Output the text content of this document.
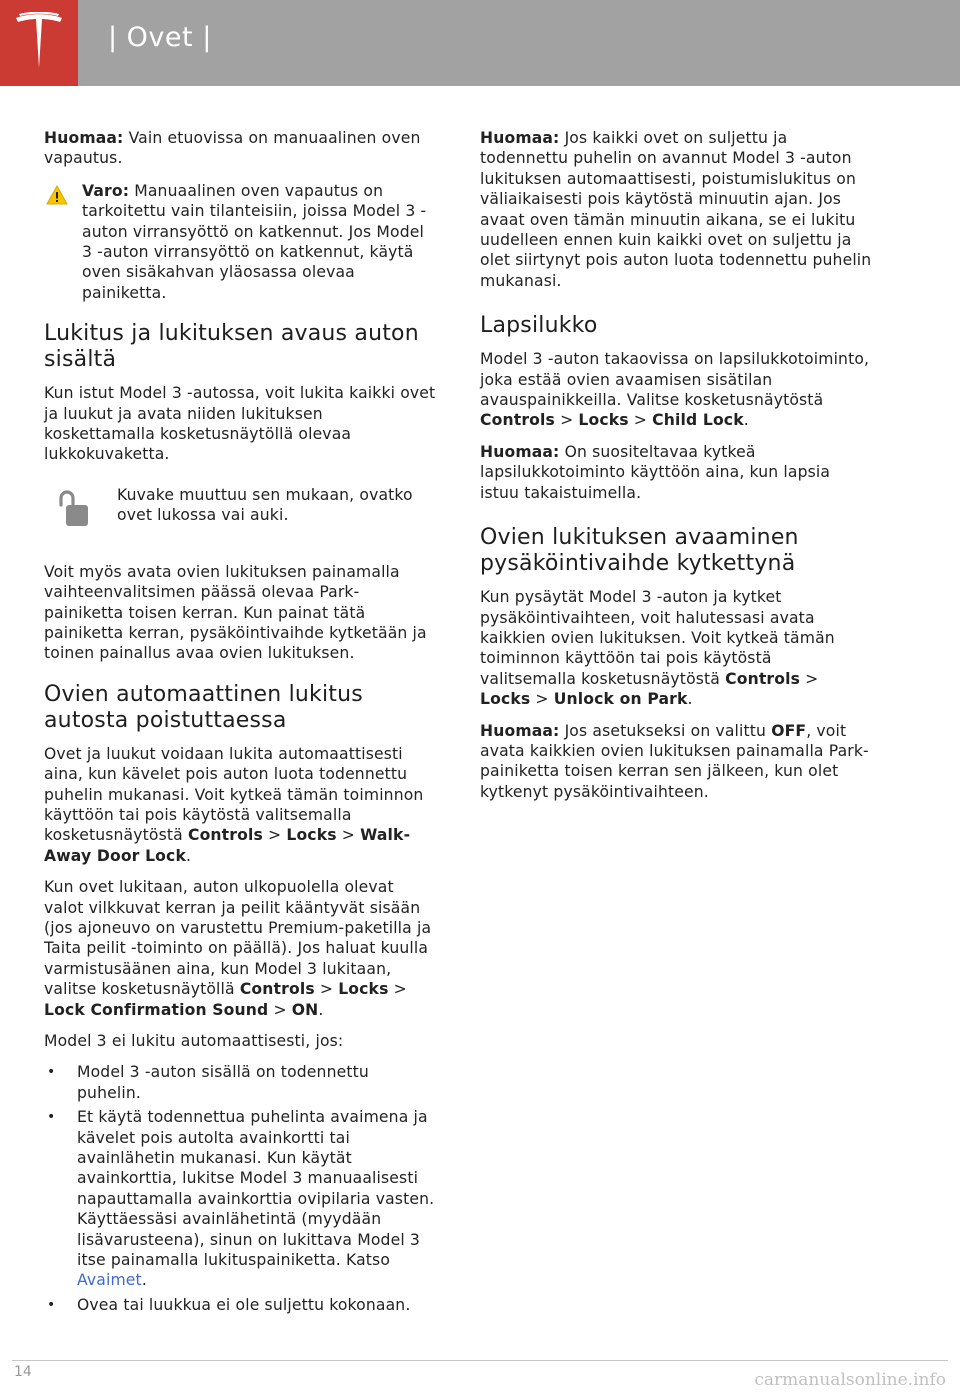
| Ovet |

Huomaa: Vain etuovissa on manuaalinen oven vapautus.

Varo: Manuaalinen oven vapautus on tarkoitettu vain tilanteisiin, joissa Model 3 -auton virransyöttö on katkennut. Jos Model 3 -auton virransyöttö on katkennut, käytä oven sisäkahvan yläosassa olevaa painiketta.

Lukitus ja lukituksen avaus auton sisältä

Kun istut Model 3 -autossa, voit lukita kaikki ovet ja luukut ja avata niiden lukituksen koskettamalla kosketusnäytöllä olevaa lukkokuvaketta.

Kuvake muuttuu sen mukaan, ovatko ovet lukossa vai auki.

Voit myös avata ovien lukituksen painamalla vaihteenvalitsimen päässä olevaa Park-painiketta toisen kerran. Kun painat tätä painiketta kerran, pysäköintivaihde kytketään ja toinen painallus avaa ovien lukituksen.

Ovien automaattinen lukitus autosta poistuttaessa

Ovet ja luukut voidaan lukita automaattisesti aina, kun kävelet pois auton luota todennettu puhelin mukanasi. Voit kytkeä tämän toiminnon käyttöön tai pois käytöstä valitsemalla kosketusnäytöstä Controls > Locks > Walk-Away Door Lock.

Kun ovet lukitaan, auton ulkopuolella olevat valot vilkkuvat kerran ja peilit kääntyvät sisään (jos ajoneuvo on varustettu Premium-paketilla ja Taita peilit -toiminto on päällä). Jos haluat kuulla varmistusäänen aina, kun Model 3 lukitaan, valitse kosketusnäytöllä Controls > Locks > Lock Confirmation Sound > ON.

Model 3 ei lukitu automaattisesti, jos:

• Model 3 -auton sisällä on todennettu puhelin.
• Et käytä todennettua puhelinta avaimena ja kävelet pois autolta avainkortti tai avainlähetin mukanasi. Kun käytät avainkorttia, lukitse Model 3 manuaalisesti napauttamalla avainkorttia ovipilaria vasten. Käyttäessäsi avainlähetintä (myydään lisävarusteena), sinun on lukittava Model 3 itse painamalla lukituspainiketta. Katso Avaimet.
• Ovea tai luukkua ei ole suljettu kokonaan.

Huomaa: Jos kaikki ovet on suljettu ja todennettu puhelin on avannut Model 3 -auton lukituksen automaattisesti, poistumislukitus on väliaikaisesti pois käytöstä minuutin ajan. Jos avaat oven tämän minuutin aikana, se ei lukitu uudelleen ennen kuin kaikki ovet on suljettu ja olet siirtynyt pois auton luota todennettu puhelin mukanasi.

Lapsilukko

Model 3 -auton takaovissa on lapsilukkotoiminto, joka estää ovien avaamisen sisätilan avauspainikkeilla. Valitse kosketusnäytöstä Controls > Locks > Child Lock.

Huomaa: On suositeltavaa kytkeä lapsilukkotoiminto käyttöön aina, kun lapsia istuu takaistuimella.

Ovien lukituksen avaaminen pysäköintivaihde kytkettynä

Kun pysäytät Model 3 -auton ja kytket pysäköintivaihteen, voit halutessasi avata kaikkien ovien lukituksen. Voit kytkeä tämän toiminnon käyttöön tai pois käytöstä valitsemalla kosketusnäytöstä Controls > Locks > Unlock on Park.

Huomaa: Jos asetukseksi on valittu OFF, voit avata kaikkien ovien lukituksen painamalla Park-painiketta toisen kerran sen jälkeen, kun olet kytkenyt pysäköintivaihteen.

14	carmanualsonline.info
